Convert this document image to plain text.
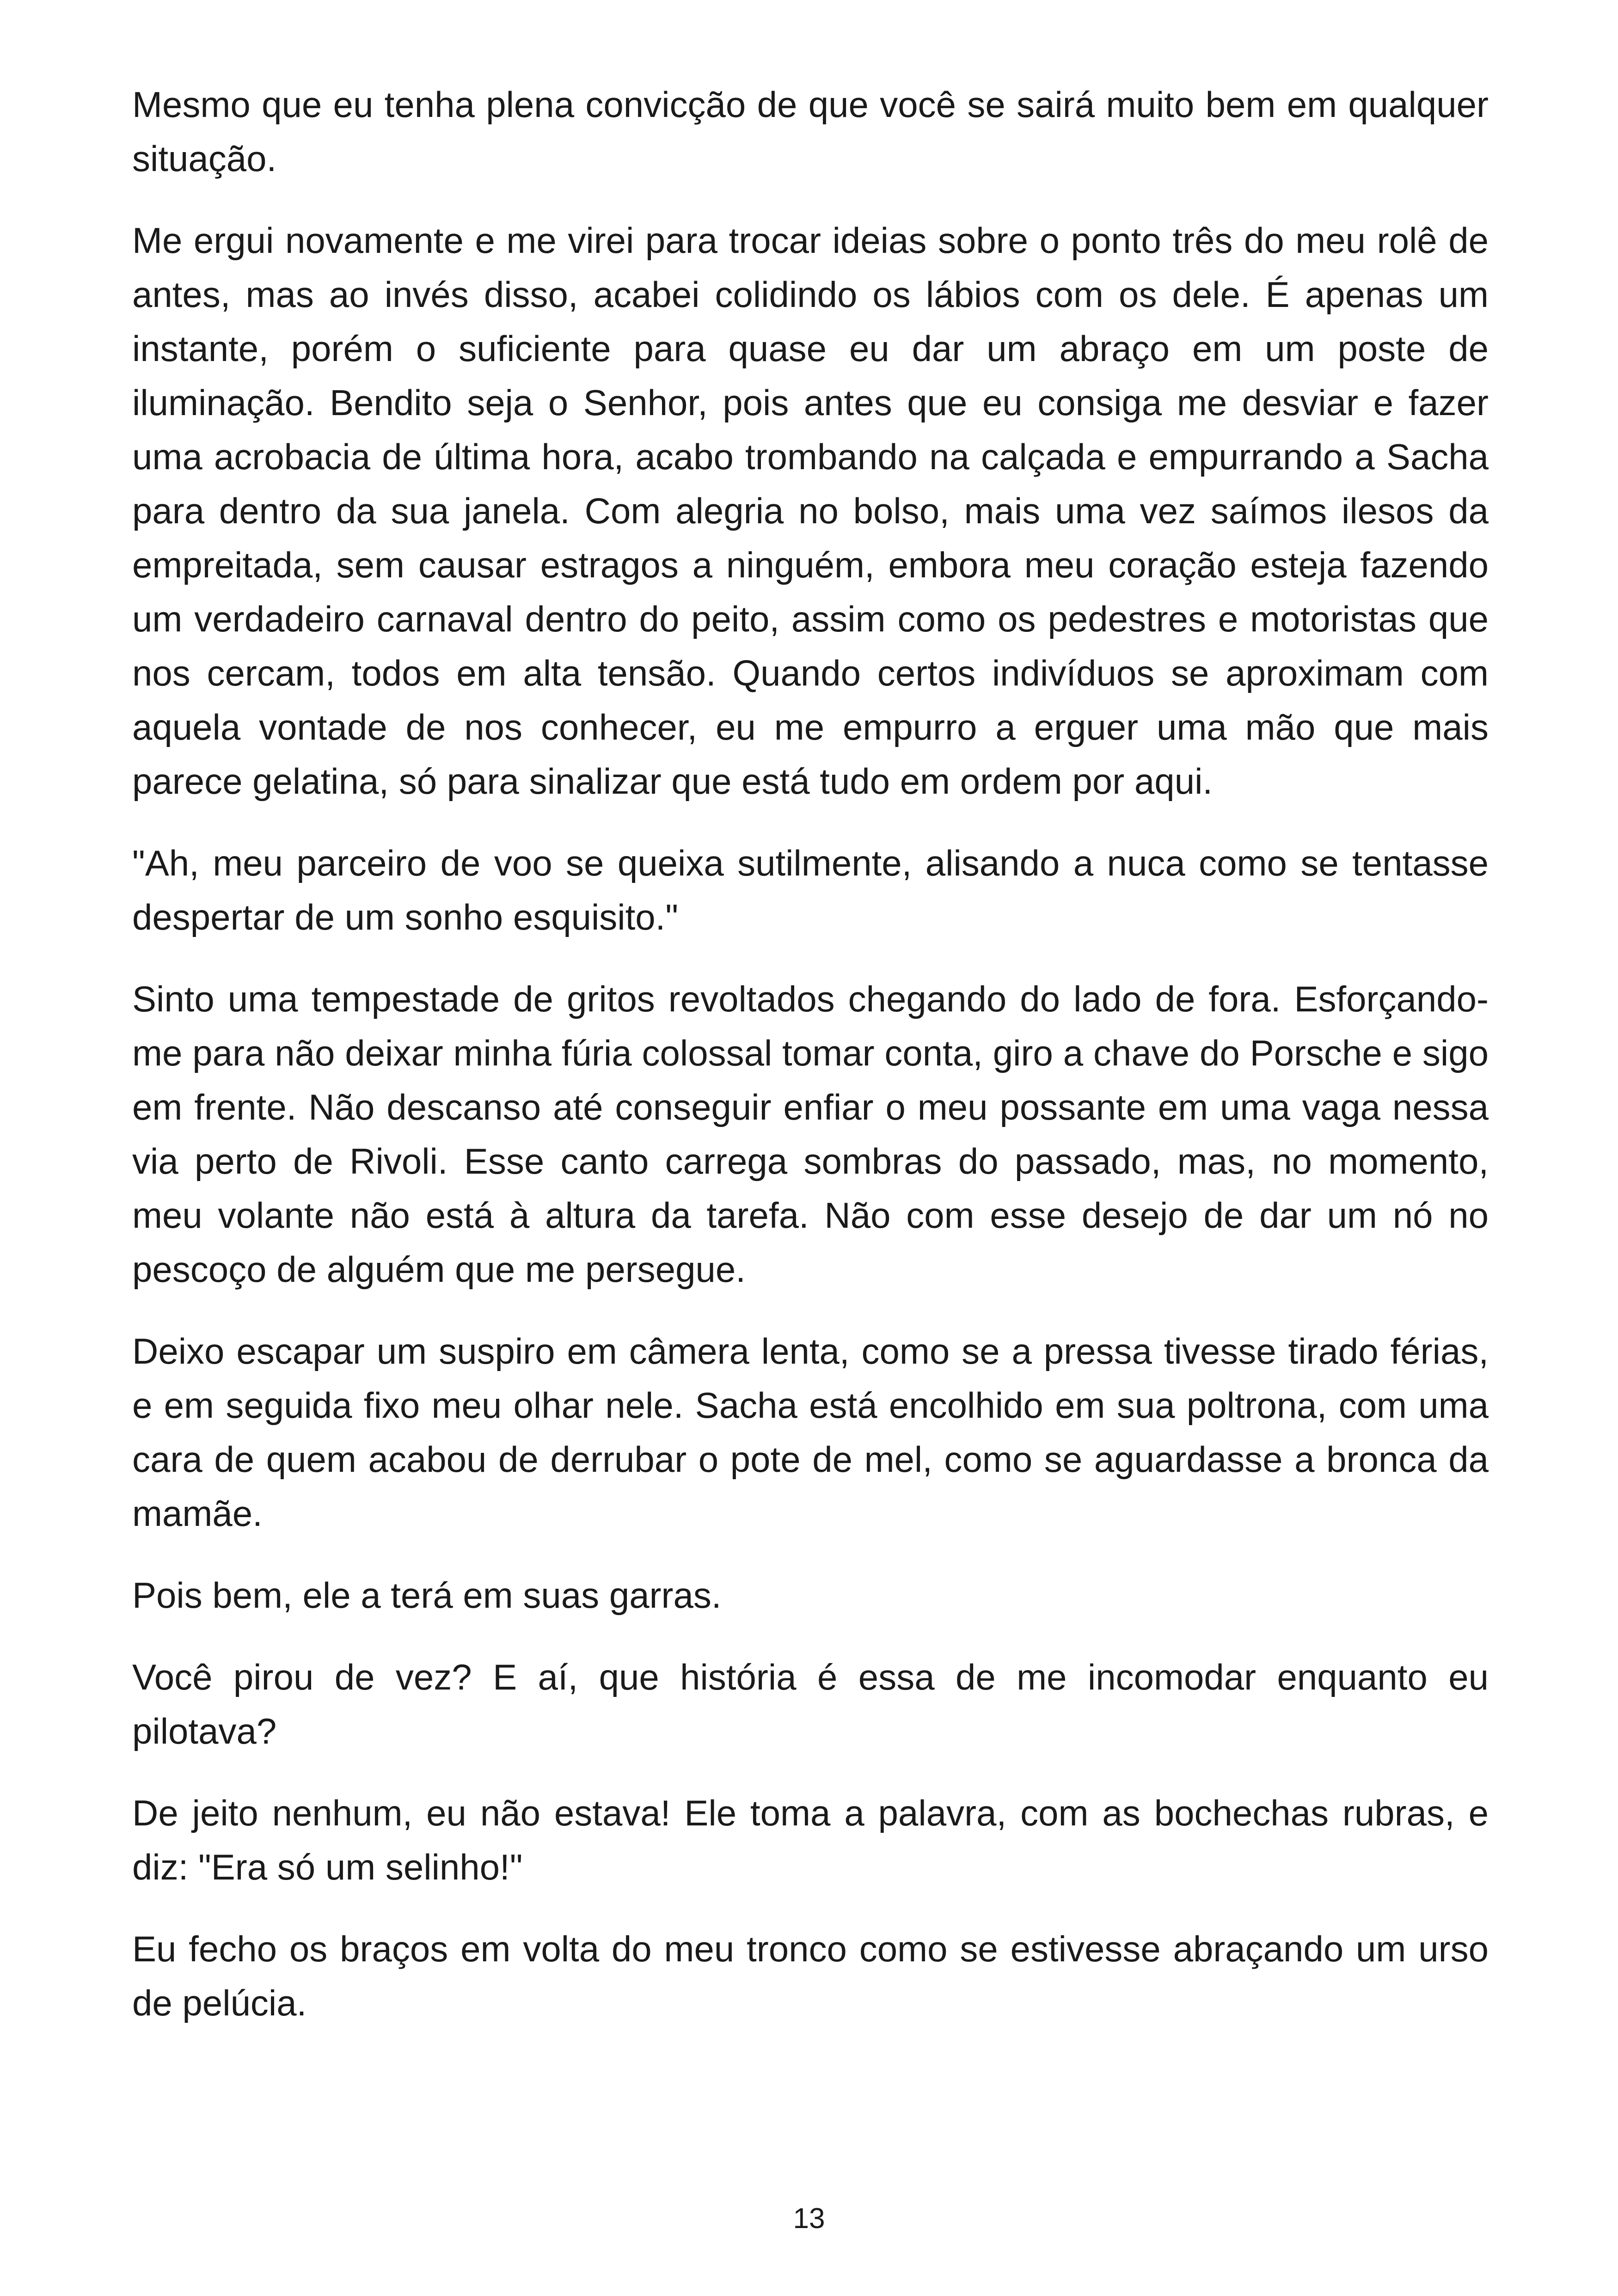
Mesmo que eu tenha plena convicção de que você se sairá muito bem em qualquer situação.

Me ergui novamente e me virei para trocar ideias sobre o ponto três do meu rolê de antes, mas ao invés disso, acabei colidindo os lábios com os dele. É apenas um instante, porém o suficiente para quase eu dar um abraço em um poste de iluminação. Bendito seja o Senhor, pois antes que eu consiga me desviar e fazer uma acrobacia de última hora, acabo trombando na calçada e empurrando a Sacha para dentro da sua janela. Com alegria no bolso, mais uma vez saímos ilesos da empreitada, sem causar estragos a ninguém, embora meu coração esteja fazendo um verdadeiro carnaval dentro do peito, assim como os pedestres e motoristas que nos cercam, todos em alta tensão. Quando certos indivíduos se aproximam com aquela vontade de nos conhecer, eu me empurro a erguer uma mão que mais parece gelatina, só para sinalizar que está tudo em ordem por aqui.

"Ah, meu parceiro de voo se queixa sutilmente, alisando a nuca como se tentasse despertar de um sonho esquisito."

Sinto uma tempestade de gritos revoltados chegando do lado de fora. Esforçando-me para não deixar minha fúria colossal tomar conta, giro a chave do Porsche e sigo em frente. Não descanso até conseguir enfiar o meu possante em uma vaga nessa via perto de Rivoli. Esse canto carrega sombras do passado, mas, no momento, meu volante não está à altura da tarefa. Não com esse desejo de dar um nó no pescoço de alguém que me persegue.

Deixo escapar um suspiro em câmera lenta, como se a pressa tivesse tirado férias, e em seguida fixo meu olhar nele. Sacha está encolhido em sua poltrona, com uma cara de quem acabou de derrubar o pote de mel, como se aguardasse a bronca da mamãe.

Pois bem, ele a terá em suas garras.

Você pirou de vez? E aí, que história é essa de me incomodar enquanto eu pilotava?

De jeito nenhum, eu não estava! Ele toma a palavra, com as bochechas rubras, e diz: "Era só um selinho!"

Eu fecho os braços em volta do meu tronco como se estivesse abraçando um urso de pelúcia.

13
